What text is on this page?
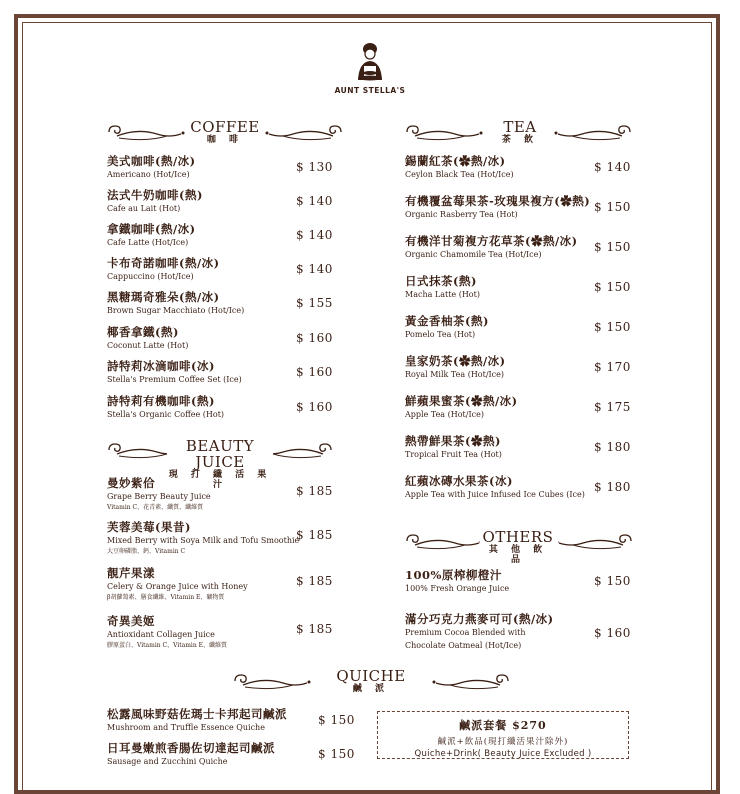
AUNT STELLA'S
COFFEE
咖 啡
美式咖啡(熱/冰)
Americano (Hot/Ice)
$ 130
法式牛奶咖啡(熱)
Cafe au Lait (Hot)
$ 140
拿鐵咖啡(熱/冰)
Cafe Latte (Hot/Ice)
$ 140
卡布奇諾咖啡(熱/冰)
Cappuccino (Hot/Ice)
$ 140
黑糖瑪奇雅朵(熱/冰)
Brown Sugar Macchiato (Hot/Ice)
$ 155
椰香拿鐵(熱)
Coconut Latte (Hot)
$ 160
詩特莉冰滴咖啡(冰)
Stella's Premium Coffee Set (Ice)
$ 160
詩特莉有機咖啡(熱)
Stella's Organic Coffee (Hot)
$ 160
BEAUTY JUICE
現 打 纖 活 果 汁
曼妙紫佮
Grape Berry Beauty Juice
Vitamin C、花青素、纖質、纖維質
$ 185
芙蓉美莓(果昔)
Mixed Berry with Soya Milk and Tofu Smoothie
大豆卵磷脂、鈣、Vitamin C
$ 185
靚芹果漾
Celery & Orange Juice with Honey
β胡蘿蔔素、膳食纖維、Vitamin E、礦物質
$ 185
奇異美姬
Antioxidant Collagen Juice
膠原蛋白、Vitamin C、Vitamin E、纖維質
$ 185
TEA
茶 飲
錫蘭紅茶(✿熱/冰)
Ceylon Black Tea (Hot/Ice)
$ 140
有機覆盆莓果茶-玫瑰果複方(✿熱)
Organic Rasberry Tea (Hot)
$ 150
有機洋甘菊複方花草茶(✿熱/冰)
Organic Chamomile Tea (Hot/Ice)
$ 150
日式抹茶(熱)
Macha Latte (Hot)
$ 150
黃金香柚茶(熱)
Pomelo Tea (Hot)
$ 150
皇家奶茶(✿熱/冰)
Royal Milk Tea (Hot/Ice)
$ 170
鮮蘋果蜜茶(✿熱/冰)
Apple Tea (Hot/Ice)
$ 175
熱帶鮮果茶(✿熱)
Tropical Fruit Tea (Hot)
$ 180
紅蘋冰磚水果茶(冰)
Apple Tea with Juice Infused Ice Cubes (Ice)
$ 180
OTHERS
其 他 飲 品
100%原榨柳橙汁
100% Fresh Orange Juice
$ 150
滿分巧克力燕麥可可(熱/冰)
Premium Cocoa Blended with
Chocolate Oatmeal (Hot/Ice)
$ 160
QUICHE
鹹 派
松露風味野菇佐瑪士卡邦起司鹹派
Mushroom and Truffle Essence Quiche
$ 150
日耳曼嫩煎香腸佐切達起司鹹派
Sausage and Zucchini Quiche
$ 150
鹹派套餐 $270
鹹派+飲品(現打纖活果汁除外)
Quiche+Drink( Beauty Juice Excluded )
